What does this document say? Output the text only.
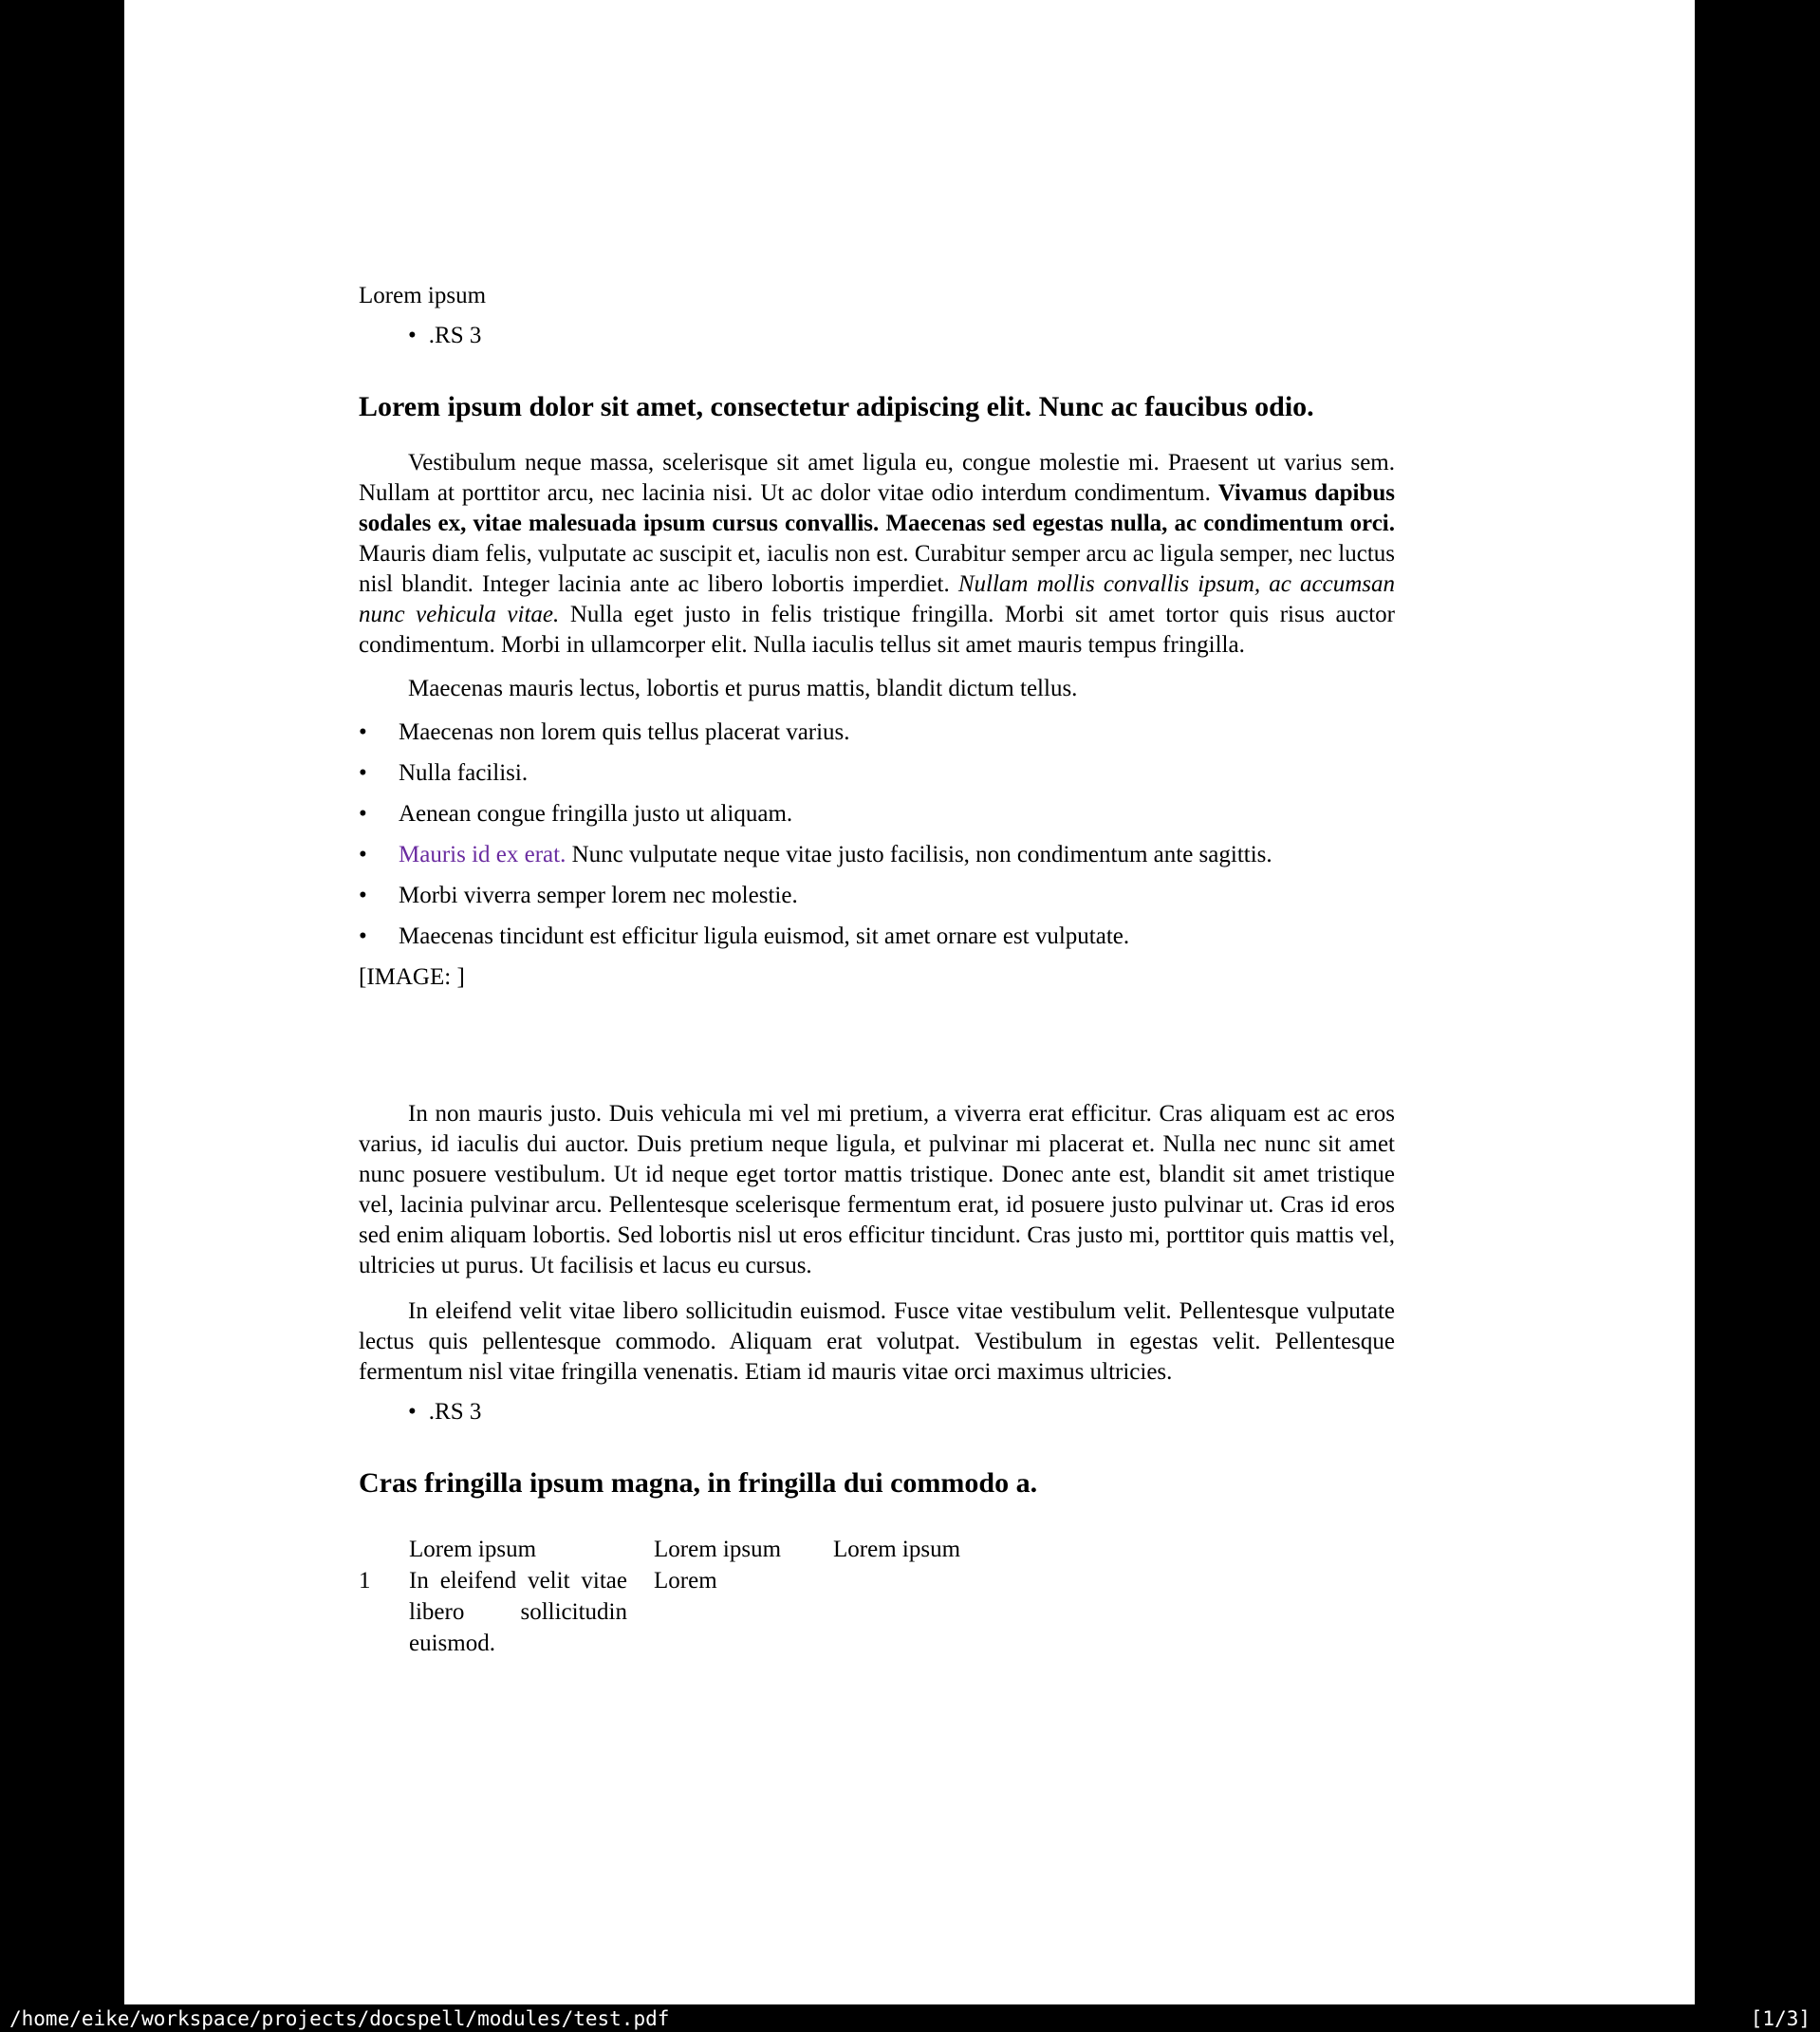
Lorem ipsum

• .RS 3
Lorem ipsum dolor sit amet, consectetur adipiscing elit. Nunc ac faucibus odio.

Vestibulum neque massa, scelerisque sit amet ligula eu, congue molestie mi. Praesent ut varius sem. Nullam at porttitor arcu, nec lacinia nisi. Ut ac dolor vitae odio interdum condimentum. Vivamus dapibus sodales ex, vitae malesuada ipsum cursus convallis. Maecenas sed egestas nulla, ac condimentum orci. Mauris diam felis, vulputate ac suscipit et, iaculis non est. Curabitur semper arcu ac ligula semper, nec luctus nisl blandit. Integer lacinia ante ac libero lobortis imperdiet. Nullam mollis convallis ipsum, ac accumsan nunc vehicula vitae. Nulla eget justo in felis tristique fringilla. Morbi sit amet tortor quis risus auctor condimentum. Morbi in ullamcorper elit. Nulla iaculis tellus sit amet mauris tempus fringilla.

Maecenas mauris lectus, lobortis et purus mattis, blandit dictum tellus.

•	Maecenas non lorem quis tellus placerat varius.
•	Nulla facilisi.
•	Aenean congue fringilla justo ut aliquam.
•	Mauris id ex erat. Nunc vulputate neque vitae justo facilisis, non condimentum ante sagittis.
•	Morbi viverra semper lorem nec molestie.
•	Maecenas tincidunt est efficitur ligula euismod, sit amet ornare est vulputate.

[IMAGE: ]

In non mauris justo. Duis vehicula mi vel mi pretium, a viverra erat efficitur. Cras aliquam est ac eros varius, id iaculis dui auctor. Duis pretium neque ligula, et pulvinar mi placerat et. Nulla nec nunc sit amet nunc posuere vestibulum. Ut id neque eget tortor mattis tristique. Donec ante est, blandit sit amet tristique vel, lacinia pulvinar arcu. Pellentesque scelerisque fermentum erat, id posuere justo pulvinar ut. Cras id eros sed enim aliquam lobortis. Sed lobortis nisl ut eros efficitur tincidunt. Cras justo mi, porttitor quis mattis vel, ultricies ut purus. Ut facilisis et lacus eu cursus.

In eleifend velit vitae libero sollicitudin euismod. Fusce vitae vestibulum velit. Pellentesque vulputate lectus quis pellentesque commodo. Aliquam erat volutpat. Vestibulum in egestas velit. Pellentesque fermentum nisl vitae fringilla venenatis. Etiam id mauris vitae orci maximus ultricies.

• .RS 3
Cras fringilla ipsum magna, in fringilla dui commodo a.
	Lorem ipsum	Lorem ipsum	Lorem ipsum
1	In eleifend velit vitae libero sollicitudin euismod.	Lorem	
/home/eike/workspace/projects/docspell/modules/test.pdf	[1/3]
